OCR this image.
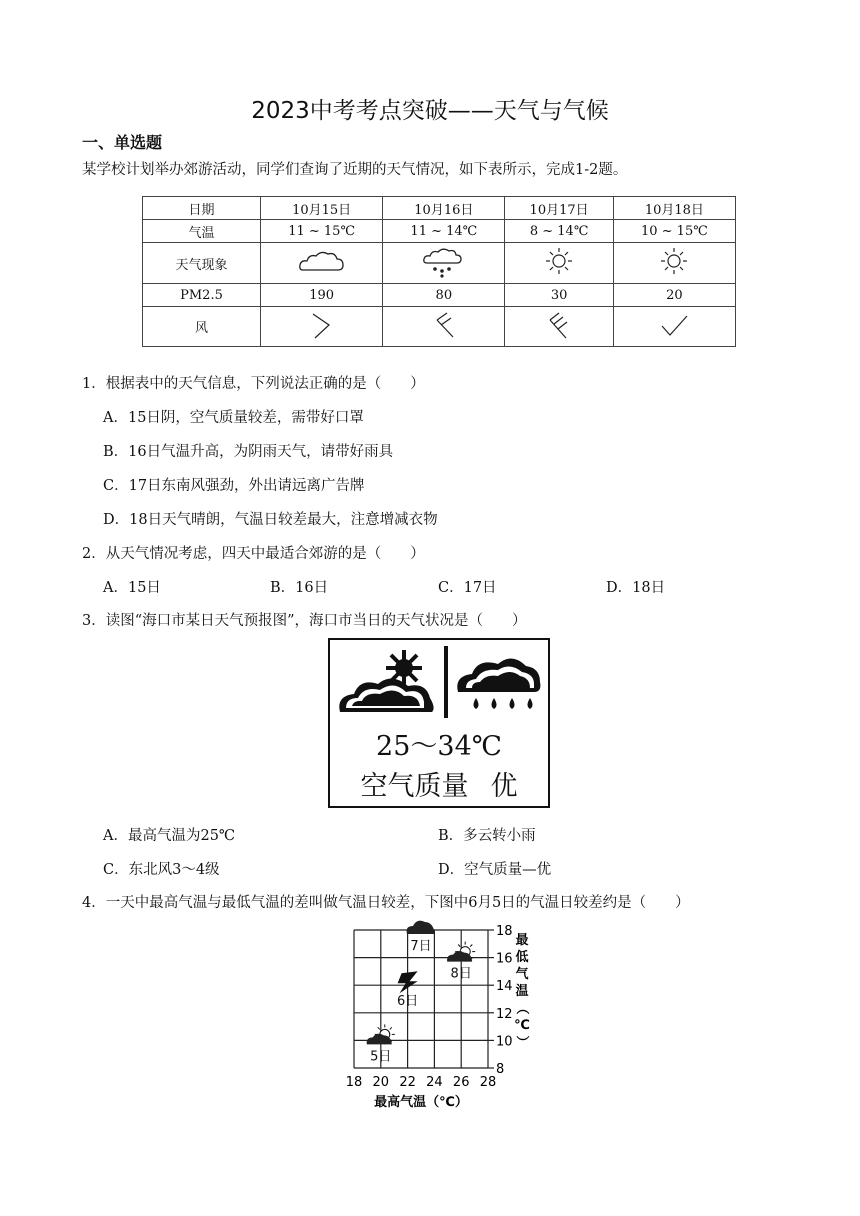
2023中考考点突破——天气与气候
一、单选题
某学校计划举办郊游活动，同学们查询了近期的天气情况，如下表所示，完成1-2题。
日期	10月15日	10月16日	10月17日	10月18日
气温	11 ~ 15℃	11 ~ 14℃	8 ~ 14℃	10 ~ 15℃
天气现象				
PM2.5	190	80	30	20
风				
1．根据表中的天气信息，下列说法正确的是（　　）
A．15日阴，空气质量较差，需带好口罩
B．16日气温升高，为阴雨天气，请带好雨具
C．17日东南风强劲，外出请远离广告牌
D．18日天气晴朗，气温日较差最大，注意增减衣物
2．从天气情况考虑，四天中最适合郊游的是（　　）
A．15日	B．16日	C．17日	D．18日
3．读图“海口市某日天气预报图”，海口市当日的天气状况是（　　）
25～34℃
空气质量 优
A．最高气温为25℃	B．多云转小雨
C．东北风3～4级	D．空气质量—优
4．一天中最高气温与最低气温的差叫做气温日较差，下图中6月5日的气温日较差约是（　　）
18 20 22 24 26 28
8
10
12
14
16
18
最高气温（℃）
最
低
气
温
（
℃
）
5日
6日
7日
8日
